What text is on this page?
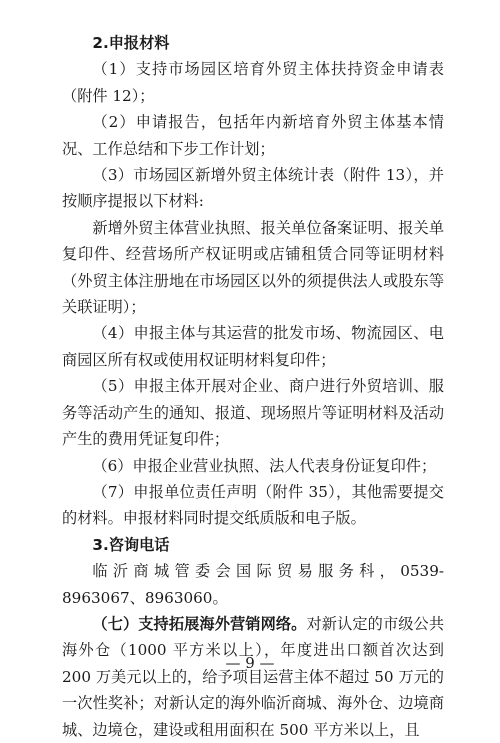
2.申报材料

（1）支持市场园区培育外贸主体扶持资金申请表（附件 12）；

（2）申请报告，包括年内新培育外贸主体基本情况、工作总结和下步工作计划；

（3）市场园区新增外贸主体统计表（附件 13），并按顺序提报以下材料:

新增外贸主体营业执照、报关单位备案证明、报关单复印件、经营场所产权证明或店铺租赁合同等证明材料（外贸主体注册地在市场园区以外的须提供法人或股东等关联证明）；

（4）申报主体与其运营的批发市场、物流园区、电商园区所有权或使用权证明材料复印件；

（5）申报主体开展对企业、商户进行外贸培训、服务等活动产生的通知、报道、现场照片等证明材料及活动产生的费用凭证复印件；

（6）申报企业营业执照、法人代表身份证复印件；

（7）申报单位责任声明（附件 35），其他需要提交的材料。申报材料同时提交纸质版和电子版。

3.咨询电话

临沂商城管委会国际贸易服务科，0539-8963067、8963060。

（七）支持拓展海外营销网络。对新认定的市级公共海外仓（1000 平方米以上），年度进出口额首次达到 200 万美元以上的，给予项目运营主体不超过 50 万元的一次性奖补；对新认定的海外临沂商城、海外仓、边境商城、边境仓，建设或租用面积在 500 平方米以上，且

— 9 —
